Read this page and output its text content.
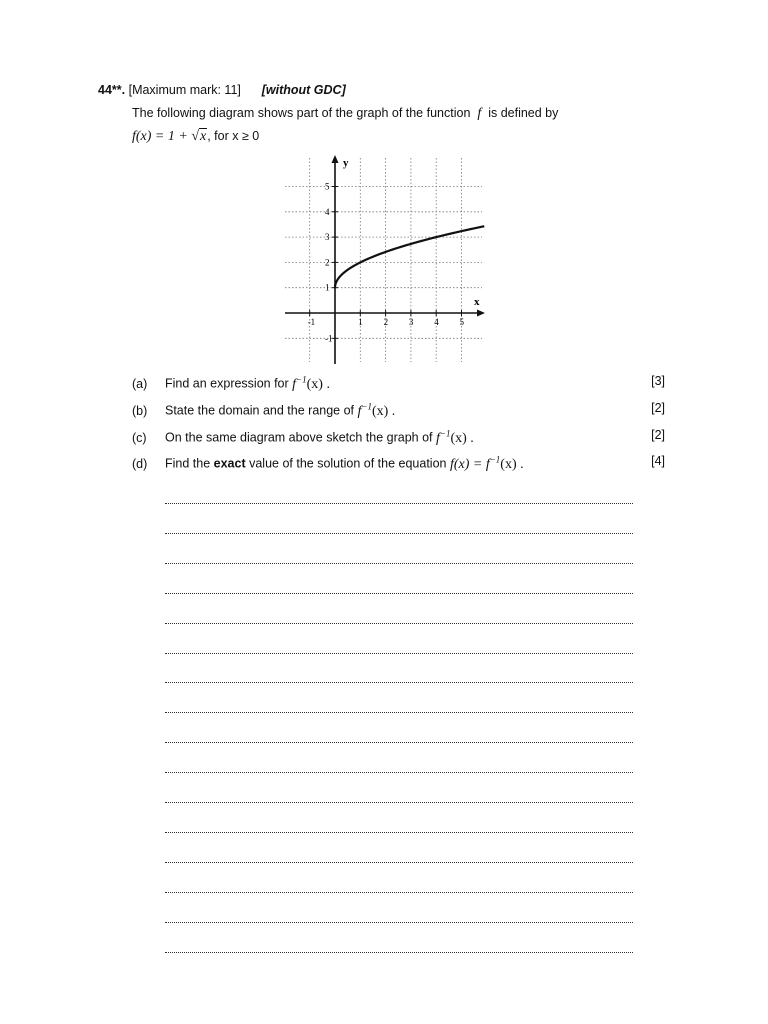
44**. [Maximum mark: 11] [without GDC]
The following diagram shows part of the graph of the function f is defined by
f(x) = 1 + √x, for x ≥ 0
-1	1 2 3 4 5
-1
1
2
3
4
5
x
y
(a) Find an expression for $f^{-1}(x)$ .	[3]
(b) State the domain and the range of $f^{-1}(x)$ .	[2]
(c) On the same diagram above sketch the graph of $f^{-1}(x)$ .	[2]
(d) Find the exact value of the solution of the equation $f(x) = f^{-1}(x)$ .	[4]
